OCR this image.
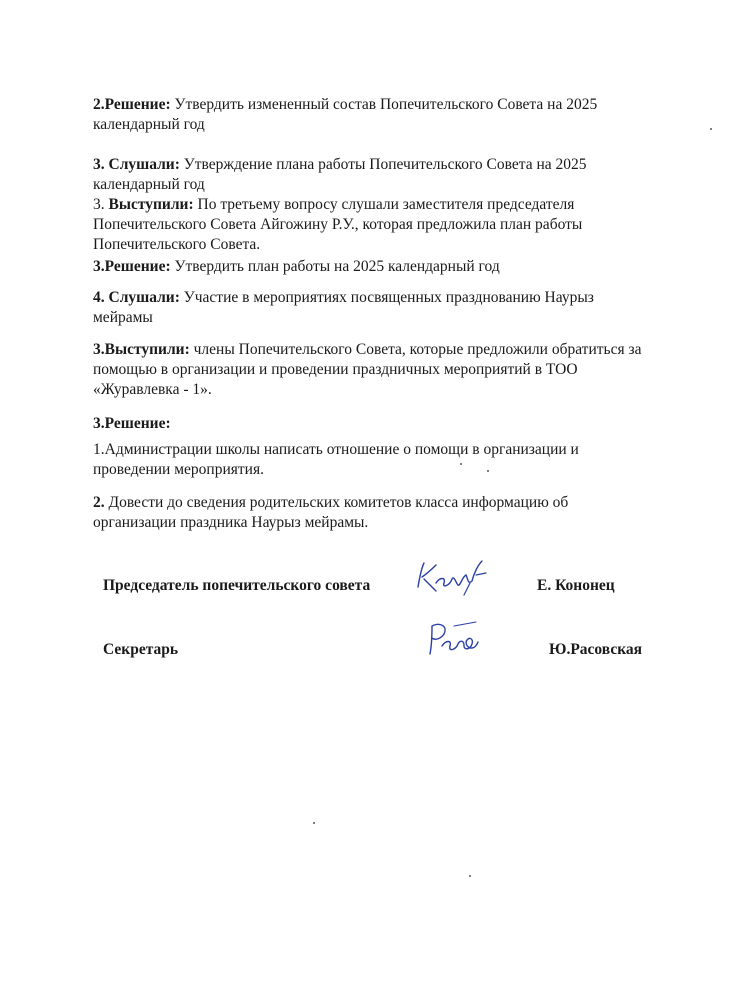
2.Решение: Утвердить измененный состав Попечительского Совета на 2025 календарный год

3. Слушали: Утверждение плана работы Попечительского Совета на 2025 календарный год

3. Выступили: По третьему вопросу слушали заместителя председателя Попечительского Совета Айгожину Р.У., которая предложила план работы Попечительского Совета.

3.Решение: Утвердить план работы на 2025 календарный год

4. Слушали: Участие в мероприятиях посвященных празднованию Наурыз мейрамы

3.Выступили: члены Попечительского Совета, которые предложили обратиться за помощью в организации и проведении праздничных мероприятий в ТОО «Журавлевка - 1».

3.Решение:

1.Администрации школы написать отношение о помощи в организации и проведении мероприятия.

2. Довести до сведения родительских комитетов класса информацию об организации праздника Наурыз мейрамы.

Председатель попечительского совета	Е. Кононец
Секретарь	Ю.Расовская
